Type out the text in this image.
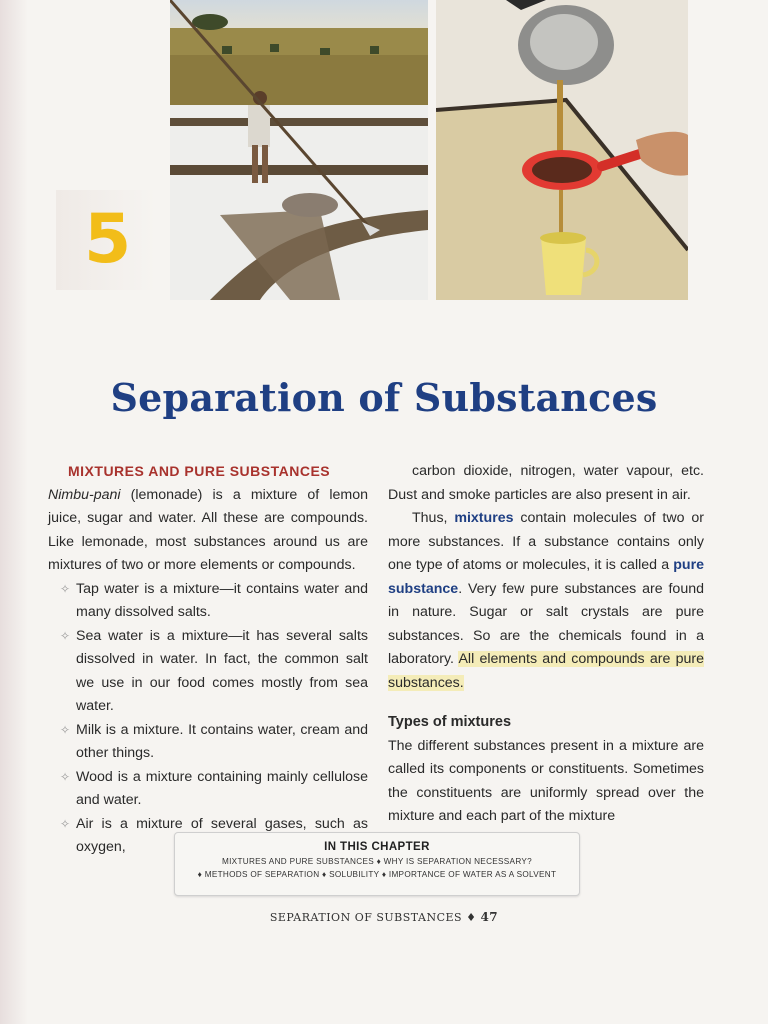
5
Separation of Substances
MIXTURES AND PURE SUBSTANCES

Nimbu-pani (lemonade) is a mixture of lemon juice, sugar and water. All these are compounds. Like lemonade, most substances around us are mixtures of two or more elements or compounds.

✧ Tap water is a mixture—it contains water and many dissolved salts.
✧ Sea water is a mixture—it has several salts dissolved in water. In fact, the common salt we use in our food comes mostly from sea water.
✧ Milk is a mixture. It contains water, cream and other things.
✧ Wood is a mixture containing mainly cellulose and water.
✧ Air is a mixture of several gases, such as oxygen,

carbon dioxide, nitrogen, water vapour, etc. Dust and smoke particles are also present in air.

Thus, mixtures contain molecules of two or more substances. If a substance contains only one type of atoms or molecules, it is called a pure substance. Very few pure substances are found in nature. Sugar or salt crystals are pure substances. So are the chemicals found in a laboratory. All elements and compounds are pure substances.

Types of mixtures

The different substances present in a mixture are called its components or constituents. Sometimes the constituents are uniformly spread over the mixture and each part of the mixture

IN THIS CHAPTER
MIXTURES AND PURE SUBSTANCES ♦ WHY IS SEPARATION NECESSARY?
♦ METHODS OF SEPARATION ♦ SOLUBILITY ♦ IMPORTANCE OF WATER AS A SOLVENT
SEPARATION OF SUBSTANCES ♦ 47
